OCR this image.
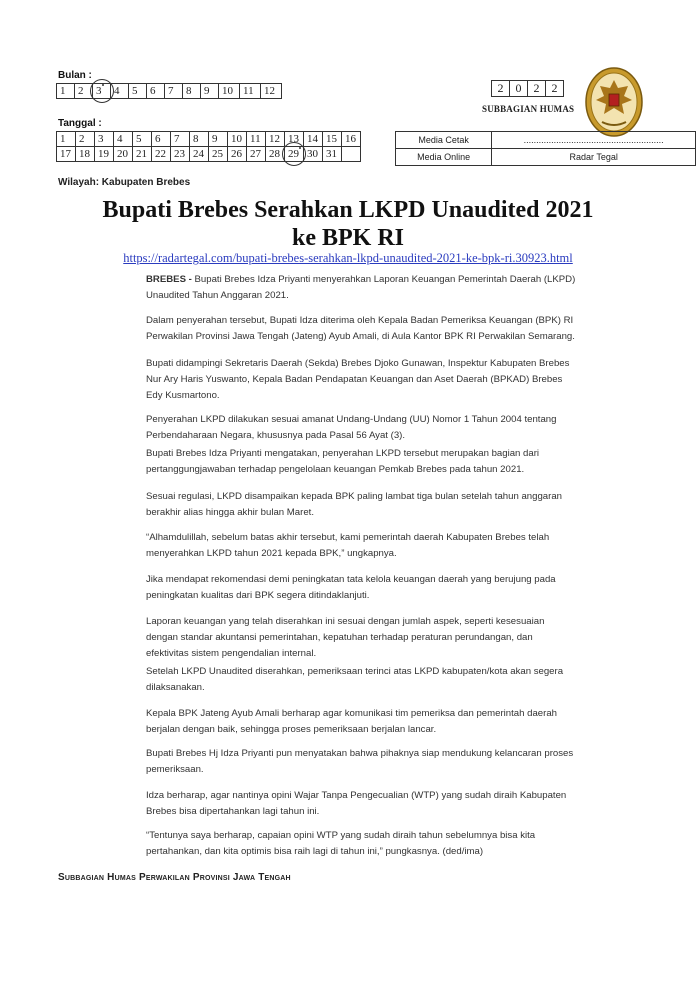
Bulan :
1	2	3	4	5	6	7	8	9	10	11	12	2	0	2	2
SUBBAGIAN HUMAS
Tanggal :
1	2	3	4	5	6	7	8	9	10	11	12	13	14	15	16
17	18	19	20	21	22	23	24	25	26	27	28	29	30	31	
Media Cetak	........................................................
Media Online	Radar Tegal
Wilayah: Kabupaten Brebes
Bupati Brebes Serahkan LKPD Unaudited 2021
ke BPK RI
https://radartegal.com/bupati-brebes-serahkan-lkpd-unaudited-2021-ke-bpk-ri.30923.html

BREBES - Bupati Brebes Idza Priyanti menyerahkan Laporan Keuangan Pemerintah Daerah (LKPD) Unaudited Tahun Anggaran 2021.

Dalam penyerahan tersebut, Bupati Idza diterima oleh Kepala Badan Pemeriksa Keuangan (BPK) RI Perwakilan Provinsi Jawa Tengah (Jateng) Ayub Amali, di Aula Kantor BPK RI Perwakilan Semarang.

Bupati didampingi Sekretaris Daerah (Sekda) Brebes Djoko Gunawan, Inspektur Kabupaten Brebes Nur Ary Haris Yuswanto, Kepala Badan Pendapatan Keuangan dan Aset Daerah (BPKAD) Brebes Edy Kusmartono.

Penyerahan LKPD dilakukan sesuai amanat Undang-Undang (UU) Nomor 1 Tahun 2004 tentang Perbendaharaan Negara, khususnya pada Pasal 56 Ayat (3).

Bupati Brebes Idza Priyanti mengatakan, penyerahan LKPD tersebut merupakan bagian dari pertanggungjawaban terhadap pengelolaan keuangan Pemkab Brebes pada tahun 2021.

Sesuai regulasi, LKPD disampaikan kepada BPK paling lambat tiga bulan setelah tahun anggaran berakhir alias hingga akhir bulan Maret.

“Alhamdulillah, sebelum batas akhir tersebut, kami pemerintah daerah Kabupaten Brebes telah menyerahkan LKPD tahun 2021 kepada BPK,” ungkapnya.

Jika mendapat rekomendasi demi peningkatan tata kelola keuangan daerah yang berujung pada peningkatan kualitas dari BPK segera ditindaklanjuti.

Laporan keuangan yang telah diserahkan ini sesuai dengan jumlah aspek, seperti kesesuaian dengan standar akuntansi pemerintahan, kepatuhan terhadap peraturan perundangan, dan efektivitas sistem pengendalian internal.

Setelah LKPD Unaudited diserahkan, pemeriksaan terinci atas LKPD kabupaten/kota akan segera dilaksanakan.

Kepala BPK Jateng Ayub Amali berharap agar komunikasi tim pemeriksa dan pemerintah daerah berjalan dengan baik, sehingga proses pemeriksaan berjalan lancar.

Bupati Brebes Hj Idza Priyanti pun menyatakan bahwa pihaknya siap mendukung kelancaran proses pemeriksaan.

Idza berharap, agar nantinya opini Wajar Tanpa Pengecualian (WTP) yang sudah diraih Kabupaten Brebes bisa dipertahankan lagi tahun ini.

“Tentunya saya berharap, capaian opini WTP yang sudah diraih tahun sebelumnya bisa kita pertahankan, dan kita optimis bisa raih lagi di tahun ini,” pungkasnya. (ded/ima)

Subbagian Humas Perwakilan Provinsi Jawa Tengah
